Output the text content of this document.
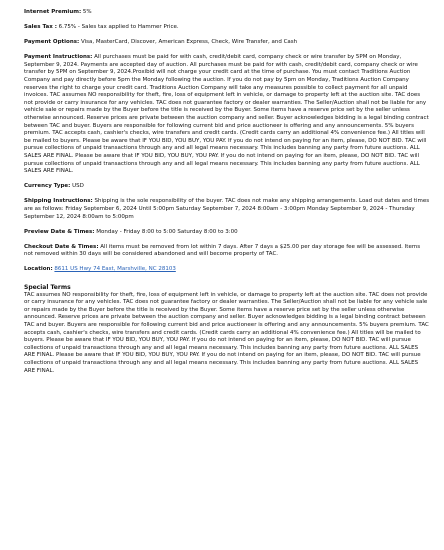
Internet Premium: 5%

Sales Tax : 6.75% - Sales tax applied to Hammer Price.

Payment Options: Visa, MasterCard, Discover, American Express, Check, Wire Transfer, and Cash

Payment Instructions: All purchases must be paid for with cash, credit/debit card, company check or wire transfer by 5PM on Monday, September 9, 2024. Payments are accepted day of auction. All purchases must be paid for with cash, credit/debit card, company check or wire transfer by 5PM on September 9, 2024.Proxibid will not charge your credit card at the time of purchase. You must contact Traditions Auction Company and pay directly before 5pm the Monday following the auction. If you do not pay by 5pm on Monday, Traditions Auction Company reserves the right to charge your credit card. Traditions Auction Company will take any measures possible to collect payment for all unpaid invoices. TAC assumes NO responsibility for theft, fire, loss of equipment left in vehicle, or damage to property left at the auction site. TAC does not provide or carry insurance for any vehicles. TAC does not guarantee factory or dealer warranties. The Seller/Auction shall not be liable for any vehicle sale or repairs made by the Buyer before the title is received by the Buyer. Some items have a reserve price set by the seller unless otherwise announced. Reserve prices are private between the auction company and seller. Buyer acknowledges bidding is a legal binding contract between TAC and buyer. Buyers are responsible for following current bid and price auctioneer is offering and any announcements. 5% buyers premium. TAC accepts cash, cashier's checks, wire transfers and credit cards. (Credit cards carry an additional 4% convenience fee.) All titles will be mailed to buyers. Please be aware that IF YOU BID, YOU BUY, YOU PAY. If you do not intend on paying for an item, please, DO NOT BID. TAC will pursue collections of unpaid transactions through any and all legal means necessary. This includes banning any party from future auctions. ALL SALES ARE FINAL. Please be aware that IF YOU BID, YOU BUY, YOU PAY. If you do not intend on paying for an item, please, DO NOT BID. TAC will pursue collections of unpaid transactions through any and all legal means necessary. This includes banning any party from future auctions. ALL SALES ARE FINAL.

Currency Type: USD

Shipping Instructions: Shipping is the sole responsibility of the buyer. TAC does not make any shipping arrangements. Load out dates and times are as follows: Friday September 6, 2024 Until 5:00pm Saturday September 7, 2024 8:00am - 3:00pm Monday September 9, 2024 - Thursday September 12, 2024 8:00am to 5:00pm

Preview Date & Times: Monday - Friday 8:00 to 5:00 Saturday 8:00 to 3:00

Checkout Date & Times: All items must be removed from lot within 7 days. After 7 days a $25.00 per day storage fee will be assessed. Items not removed within 30 days will be considered abandoned and will become property of TAC.

Location: 8611 US Hwy 74 East, Marshville, NC 28103

Special Terms

TAC assumes NO responsibility for theft, fire, loss of equipment left in vehicle, or damage to property left at the auction site. TAC does not provide or carry insurance for any vehicles. TAC does not guarantee factory or dealer warranties. The Seller/Auction shall not be liable for any vehicle sale or repairs made by the Buyer before the title is received by the Buyer. Some items have a reserve price set by the seller unless otherwise announced. Reserve prices are private between the auction company and seller. Buyer acknowledges bidding is a legal binding contract between TAC and buyer. Buyers are responsible for following current bid and price auctioneer is offering and any announcements. 5% buyers premium. TAC accepts cash, cashier's checks, wire transfers and credit cards. (Credit cards carry an additional 4% convenience fee.) All titles will be mailed to buyers. Please be aware that IF YOU BID, YOU BUY, YOU PAY. If you do not intend on paying for an item, please, DO NOT BID. TAC will pursue collections of unpaid transactions through any and all legal means necessary. This includes banning any party from future auctions. ALL SALES ARE FINAL. Please be aware that IF YOU BID, YOU BUY, YOU PAY. If you do not intend on paying for an item, please, DO NOT BID. TAC will pursue collections of unpaid transactions through any and all legal means necessary. This includes banning any party from future auctions. ALL SALES ARE FINAL.
